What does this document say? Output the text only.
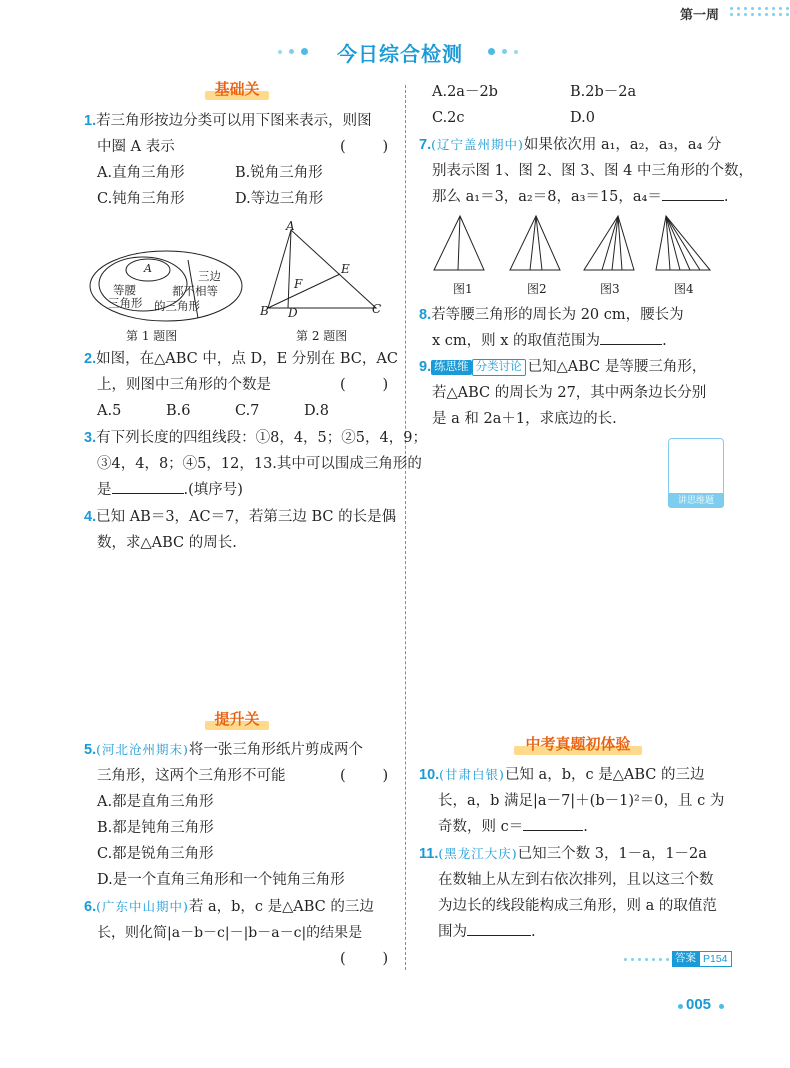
第一周
今日综合检测
基础关
1.若三角形按边分类可以用下图来表示，则图
中圈 A 表示	(        )
A.直角三角形	B.锐角三角形
C.钝角三角形	D.等边三角形
A
等腰
三角形
三边
都不相等
的三角形
第 1 题图
A
B	C
D
E
F
第 2 题图
2.如图，在△ABC 中，点 D，E 分别在 BC，AC
上，则图中三角形的个数是	(        )
A.5	B.6	C.7	D.8
3.有下列长度的四组线段：①8，4，5；②5，4，9；
③4，4，8；④5，12，13.其中可以围成三角形的
是	.(填序号)
4.已知 AB＝3，AC＝7，若第三边 BC 的长是偶
数，求△ABC 的周长.
提升关
5.(河北沧州期末)将一张三角形纸片剪成两个
三角形，这两个三角形不可能	(        )
A.都是直角三角形
B.都是钝角三角形
C.都是锐角三角形
D.是一个直角三角形和一个钝角三角形
6.(广东中山期中)若 a，b，c 是△ABC 的三边
长，则化简|a－b－c|－|b－a－c|的结果是
(        )
A.2a－2b	B.2b－2a
C.2c	D.0
7.(辽宁盖州期中)如果依次用 a₁，a₂，a₃，a₄ 分
别表示图 1、图 2、图 3、图 4 中三角形的个数，
那么 a₁＝3，a₂＝8，a₃＝15，a₄＝	.
图1	图2	图3	图4
8.若等腰三角形的周长为 20 cm，腰长为
x cm，则 x 的取值范围为	.
9. 练思维 分类讨论 已知△ABC 是等腰三角形，
若△ABC 的周长为 27，其中两条边长分别
是 a 和 2a＋1，求底边的长.
讲思维题
中考真题初体验
10.(甘肃白银)已知 a，b，c 是△ABC 的三边
长，a，b 满足|a－7|＋(b－1)²＝0，且 c 为
奇数，则 c＝	.
11.(黑龙江大庆)已知三个数 3，1－a，1－2a
在数轴上从左到右依次排列，且以这三个数
为边长的线段能构成三角形，则 a 的取值范
围为	.
答案 P154
005
